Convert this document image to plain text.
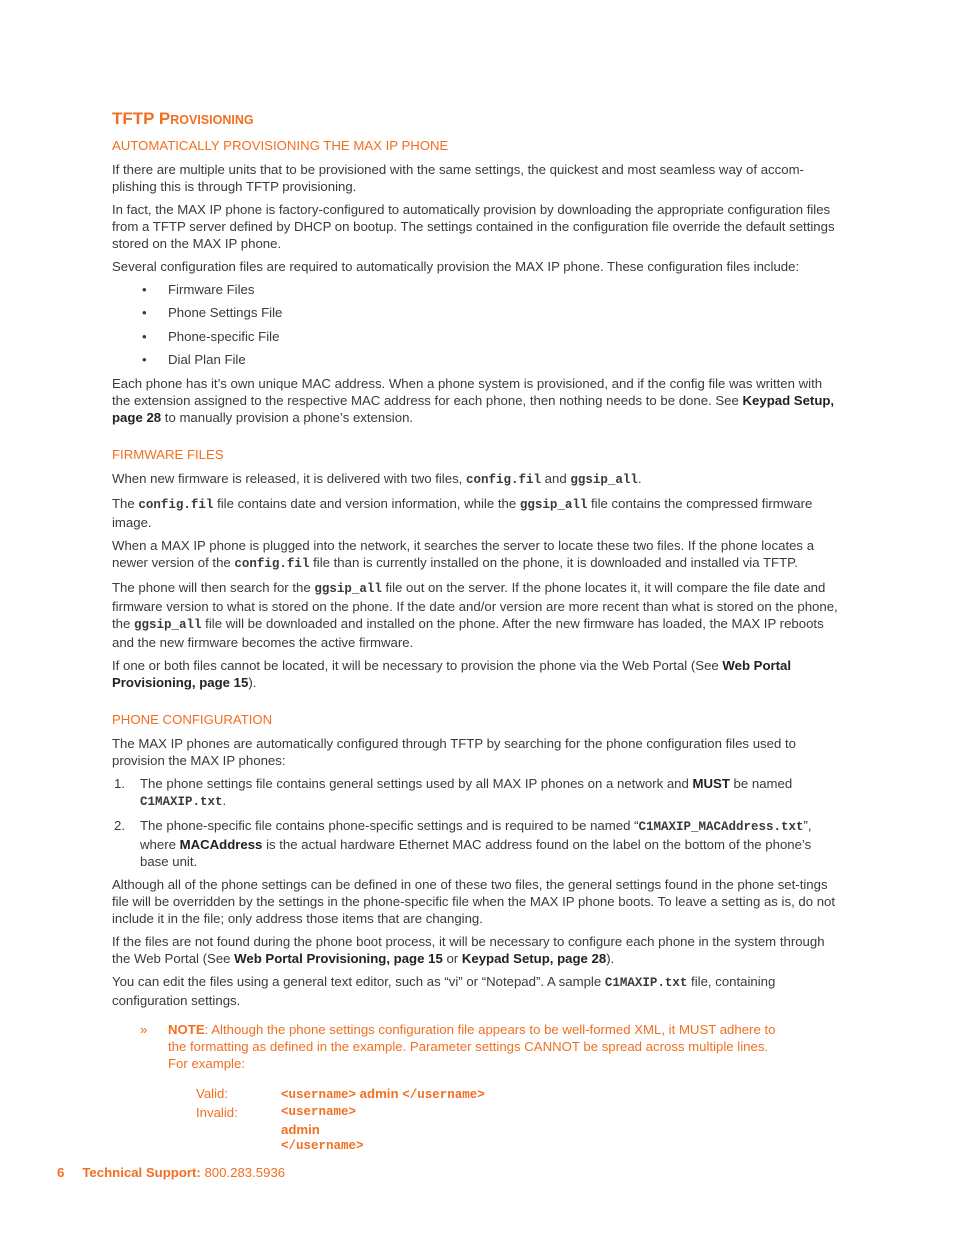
TFTP PROVISIONING
AUTOMATICALLY PROVISIONING THE MAX IP PHONE

If there are multiple units that to be provisioned with the same settings, the quickest and most seamless way of accom-plishing this is through TFTP provisioning.

In fact, the MAX IP phone is factory-configured to automatically provision by downloading the appropriate configuration files from a TFTP server defined by DHCP on bootup. The settings contained in the configuration file override the default settings stored on the MAX IP phone.

Several configuration files are required to automatically provision the MAX IP phone. These configuration files include:

• Firmware Files
• Phone Settings File
• Phone-specific File
• Dial Plan File

Each phone has it’s own unique MAC address. When a phone system is provisioned, and if the config file was written with the extension assigned to the respective MAC address for each phone, then nothing needs to be done. See Keypad Setup, page 28 to manually provision a phone’s extension.

FIRMWARE FILES

When new firmware is released, it is delivered with two files, config.fil and ggsip_all.

The config.fil file contains date and version information, while the ggsip_all file contains the compressed firmware image.

When a MAX IP phone is plugged into the network, it searches the server to locate these two files. If the phone locates a newer version of the config.fil file than is currently installed on the phone, it is downloaded and installed via TFTP.

The phone will then search for the ggsip_all file out on the server. If the phone locates it, it will compare the file date and firmware version to what is stored on the phone. If the date and/or version are more recent than what is stored on the phone, the ggsip_all file will be downloaded and installed on the phone. After the new firmware has loaded, the MAX IP reboots and the new firmware becomes the active firmware.

If one or both files cannot be located, it will be necessary to provision the phone via the Web Portal (See Web Portal Provisioning, page 15).

PHONE CONFIGURATION

The MAX IP phones are automatically configured through TFTP by searching for the phone configuration files used to provision the MAX IP phones:

1. The phone settings file contains general settings used by all MAX IP phones on a network and MUST be named C1MAXIP.txt.
2. The phone-specific file contains phone-specific settings and is required to be named “C1MAXIP_MACAddress.txt”, where MACAddress is the actual hardware Ethernet MAC address found on the label on the bottom of the phone’s base unit.

Although all of the phone settings can be defined in one of these two files, the general settings found in the phone set-tings file will be overridden by the settings in the phone-specific file when the MAX IP phone boots. To leave a setting as is, do not include it in the file; only address those items that are changing.

If the files are not found during the phone boot process, it will be necessary to configure each phone in the system through the Web Portal (See Web Portal Provisioning, page 15 or Keypad Setup, page 28).

You can edit the files using a general text editor, such as “vi” or “Notepad”. A sample C1MAXIP.txt file, containing configuration settings.

» NOTE: Although the phone settings configuration file appears to be well-formed XML, it MUST adhere to the formatting as defined in the example. Parameter settings CANNOT be spread across multiple lines. For example:
Valid:	<username> admin </username>
Invalid:	<username>
admin
</username>
6 Technical Support: 800.283.5936
